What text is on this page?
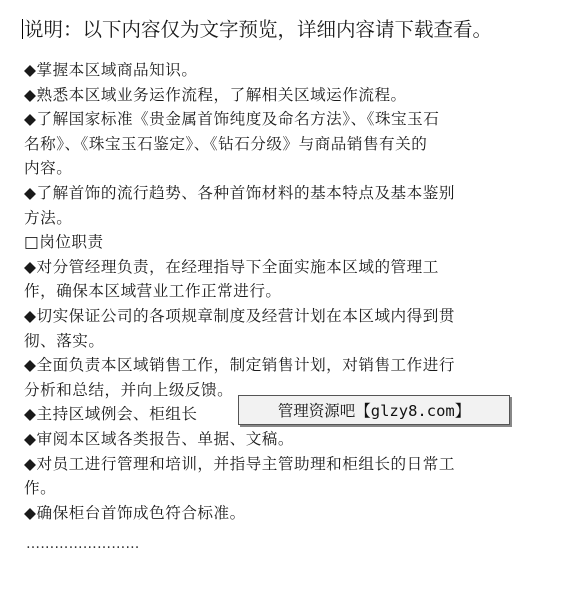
说明：以下内容仅为文字预览，详细内容请下载查看。
◆掌握本区域商品知识。
◆熟悉本区域业务运作流程，了解相关区域运作流程。
◆了解国家标准《贵金属首饰纯度及命名方法》、《珠宝玉石
名称》、《珠宝玉石鉴定》、《钻石分级》与商品销售有关的
内容。
◆了解首饰的流行趋势、各种首饰材料的基本特点及基本鉴别
方法。
□岗位职责
◆对分管经理负责，在经理指导下全面实施本区域的管理工
作，确保本区域营业工作正常进行。
◆切实保证公司的各项规章制度及经营计划在本区域内得到贯
彻、落实。
◆全面负责本区域销售工作，制定销售计划，对销售工作进行
分析和总结，并向上级反馈。
◆主持区域例会、柜组长
◆审阅本区域各类报告、单据、文稿。
◆对员工进行管理和培训，并指导主管助理和柜组长的日常工
作。
◆确保柜台首饰成色符合标准。
……………………
管理资源吧【glzy8.com】
